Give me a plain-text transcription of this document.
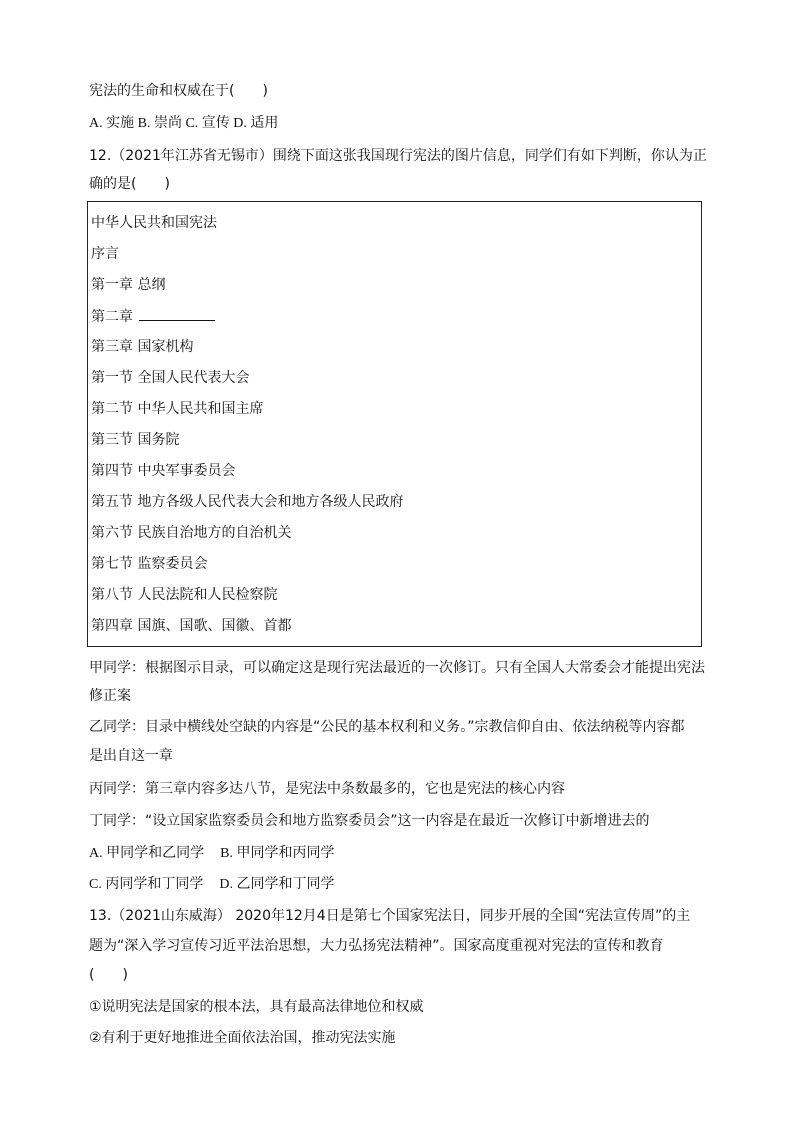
宪法的生命和权威在于(　　)
A. 实施 B. 崇尚 C. 宣传 D. 适用
12.（2021年江苏省无锡市）围绕下面这张我国现行宪法的图片信息，同学们有如下判断，你认为正
确的是(　　)
中华人民共和国宪法
序言
第一章 总纲
第二章
第三章 国家机构
第一节 全国人民代表大会
第二节 中华人民共和国主席
第三节 国务院
第四节 中央军事委员会
第五节 地方各级人民代表大会和地方各级人民政府
第六节 民族自治地方的自治机关
第七节 监察委员会
第八节 人民法院和人民检察院
第四章 国旗、国歌、国徽、首都
甲同学：根据图示目录，可以确定这是现行宪法最近的一次修订。只有全国人大常委会才能提出宪法
修正案
乙同学：目录中横线处空缺的内容是“公民的基本权利和义务。”宗教信仰自由、依法纳税等内容都
是出自这一章
丙同学：第三章内容多达八节，是宪法中条数最多的，它也是宪法的核心内容
丁同学：“设立国家监察委员会和地方监察委员会”这一内容是在最近一次修订中新增进去的
A. 甲同学和乙同学 B. 甲同学和丙同学
C. 丙同学和丁同学 D. 乙同学和丁同学
13.（2021山东威海） 2020年12月4日是第七个国家宪法日，同步开展的全国“宪法宣传周”的主
题为“深入学习宣传习近平法治思想，大力弘扬宪法精神”。国家高度重视对宪法的宣传和教育
(　　)
①说明宪法是国家的根本法，具有最高法律地位和权威
②有利于更好地推进全面依法治国，推动宪法实施
